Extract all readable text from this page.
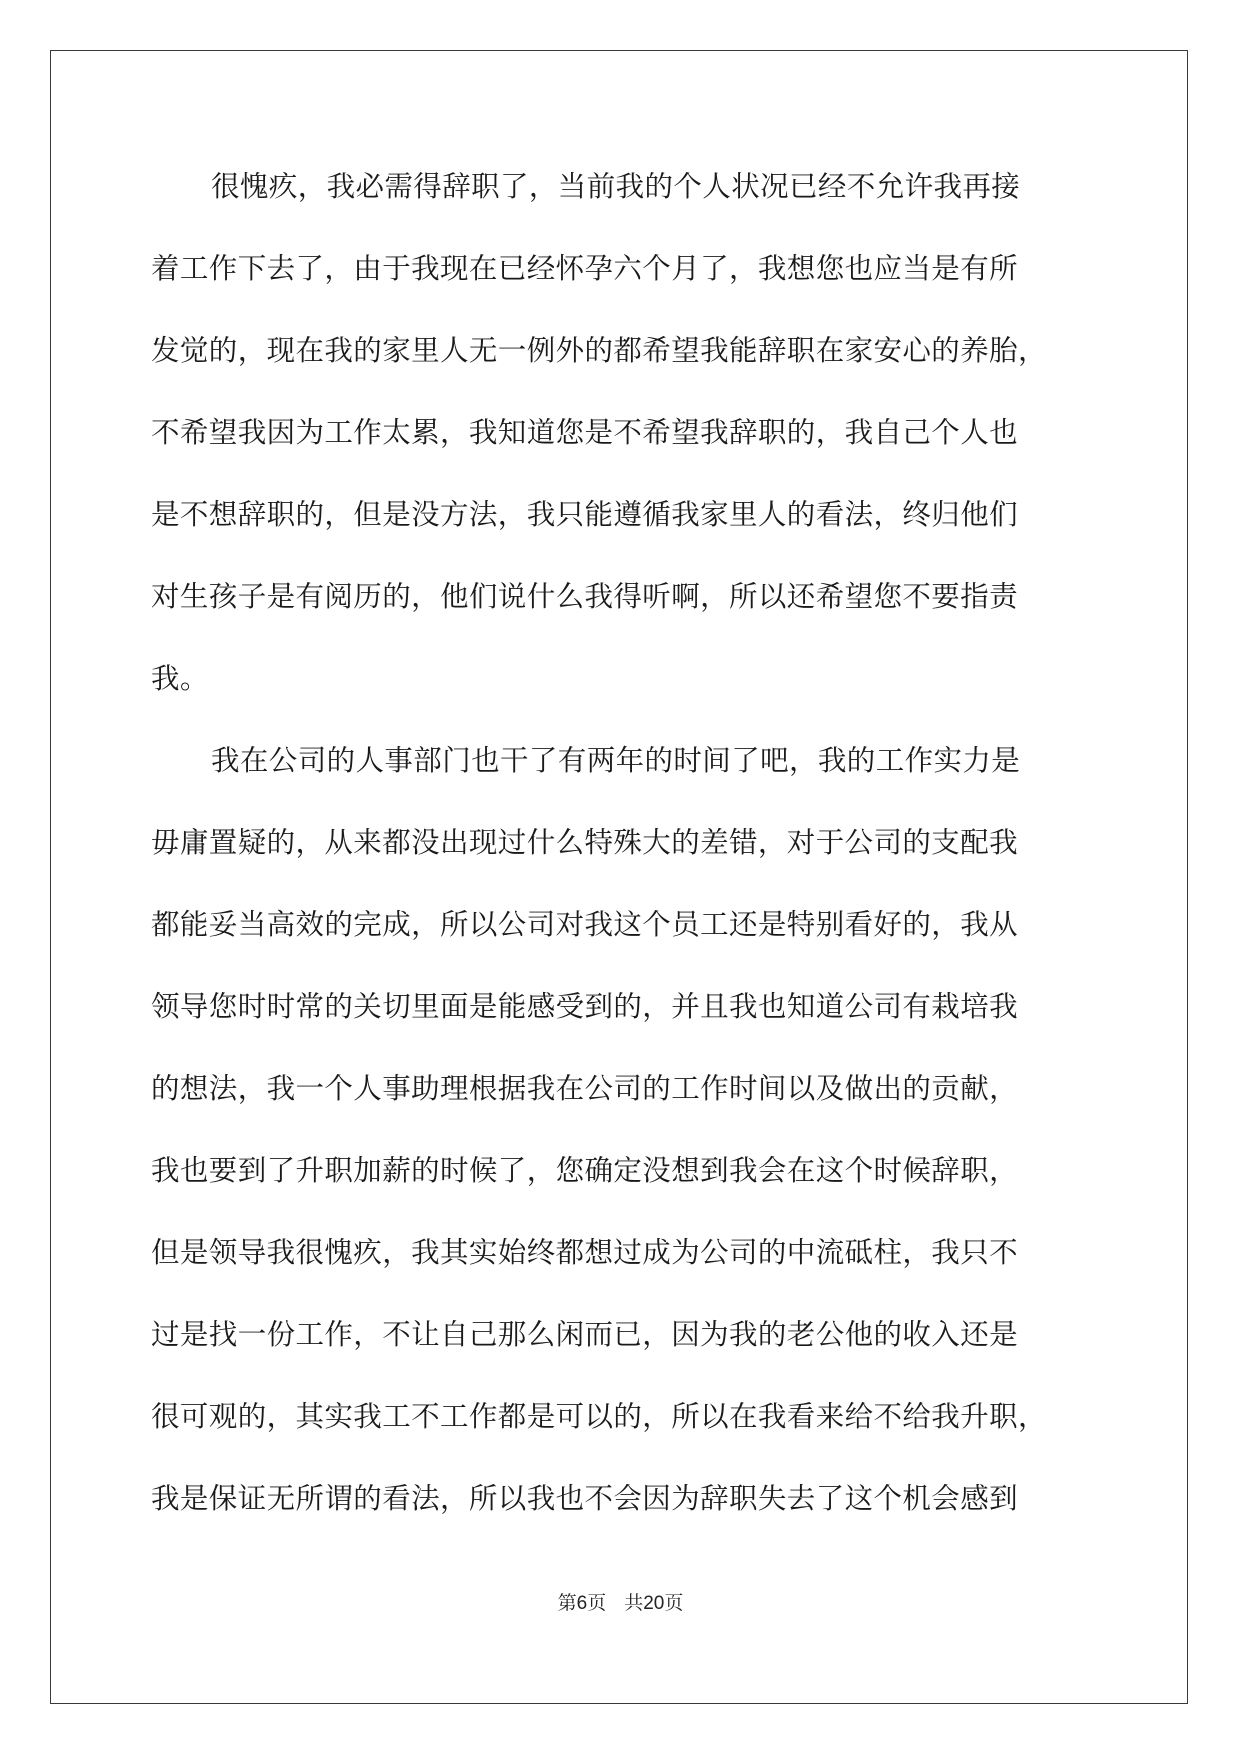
很愧疚，我必需得辞职了，当前我的个人状况已经不允许我再接
着工作下去了，由于我现在已经怀孕六个月了，我想您也应当是有所
发觉的，现在我的家里人无一例外的都希望我能辞职在家安心的养胎，
不希望我因为工作太累，我知道您是不希望我辞职的，我自己个人也
是不想辞职的，但是没方法，我只能遵循我家里人的看法，终归他们
对生孩子是有阅历的，他们说什么我得听啊，所以还希望您不要指责
我。
我在公司的人事部门也干了有两年的时间了吧，我的工作实力是
毋庸置疑的，从来都没出现过什么特殊大的差错，对于公司的支配我
都能妥当高效的完成，所以公司对我这个员工还是特别看好的，我从
领导您时时常的关切里面是能感受到的，并且我也知道公司有栽培我
的想法，我一个人事助理根据我在公司的工作时间以及做出的贡献，
我也要到了升职加薪的时候了，您确定没想到我会在这个时候辞职，
但是领导我很愧疚，我其实始终都想过成为公司的中流砥柱，我只不
过是找一份工作，不让自己那么闲而已，因为我的老公他的收入还是
很可观的，其实我工不工作都是可以的，所以在我看来给不给我升职，
我是保证无所谓的看法，所以我也不会因为辞职失去了这个机会感到
第6页 共20页
